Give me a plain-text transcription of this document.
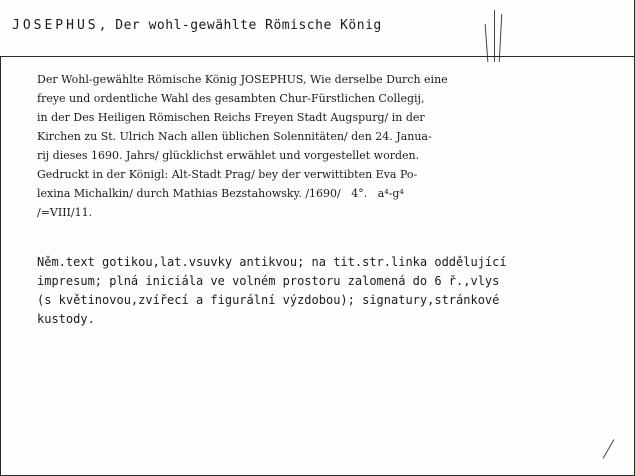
JOSEPHUS, Der wohl-gewählte Römische König
Der Wohl-gewählte Römische König JOSEPHUS, Wie derselbe Durch eine
freye und ordentliche Wahl des gesambten Chur-Fürstlichen Collegij,
in der Des Heiligen Römischen Reichs Freyen Stadt Augspurg/ in der
Kirchen zu St. Ulrich Nach allen üblichen Solennitäten/ den 24. Janua-
rij dieses 1690. Jahrs/ glücklichst erwählet und vorgestellet worden.
Gedruckt in der Königl: Alt-Stadt Prag/ bey der verwittibten Eva Po-
lexina Michalkin/ durch Mathias Bezstahowsky. /1690/   4°.   a⁴-g⁴
/=VIII/11.
Něm.text gotikou,lat.vsuvky antikvou; na tit.str.linka oddělující
impresum; plná iniciála ve volném prostoru zalomená do 6 ř.,vlys
(s květinovou,zvířecí a figurální výzdobou); signatury,stránkové
kustody.
